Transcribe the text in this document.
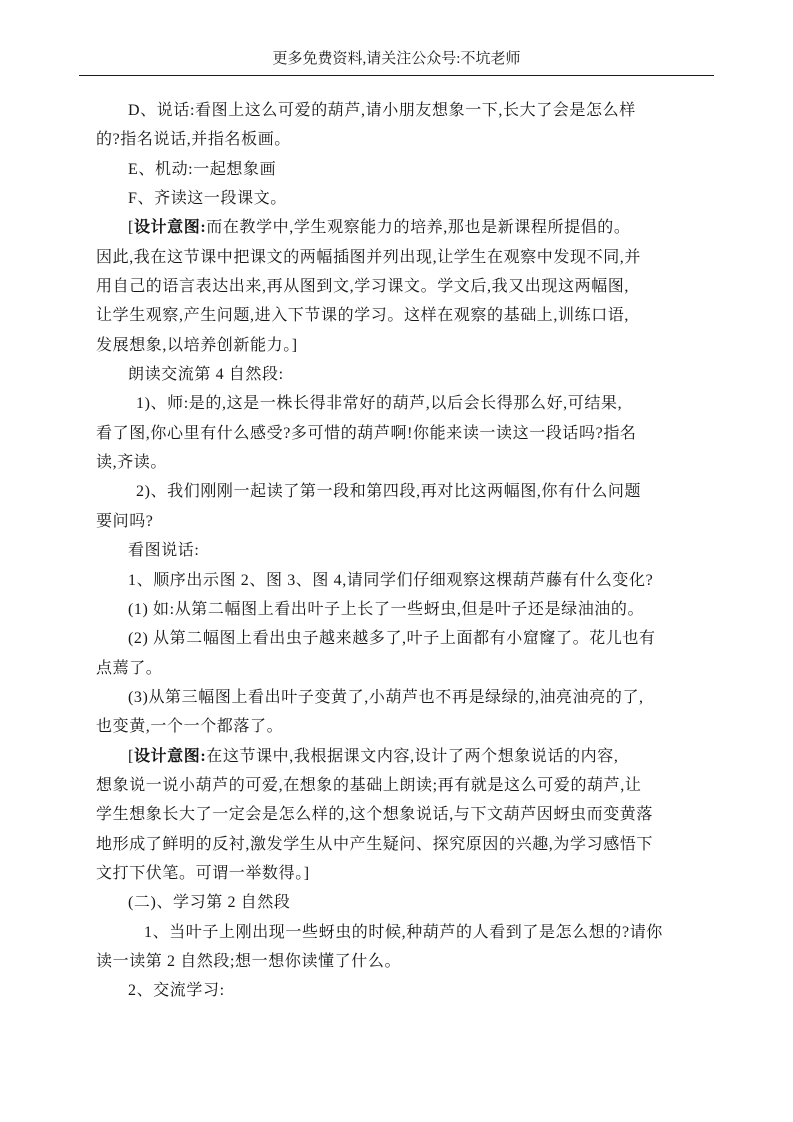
更多免费资料,请关注公众号:不坑老师
D、说话:看图上这么可爱的葫芦,请小朋友想象一下,长大了会是怎么样
的?指名说话,并指名板画。
E、机动:一起想象画
F、齐读这一段课文。
[设计意图:而在教学中,学生观察能力的培养,那也是新课程所提倡的。
因此,我在这节课中把课文的两幅插图并列出现,让学生在观察中发现不同,并
用自己的语言表达出来,再从图到文,学习课文。学文后,我又出现这两幅图,
让学生观察,产生问题,进入下节课的学习。这样在观察的基础上,训练口语,
发展想象,以培养创新能力。]
朗读交流第 4 自然段:
1)、师:是的,这是一株长得非常好的葫芦,以后会长得那么好,可结果,
看了图,你心里有什么感受?多可惜的葫芦啊!你能来读一读这一段话吗?指名
读,齐读。
2)、我们刚刚一起读了第一段和第四段,再对比这两幅图,你有什么问题
要问吗?
看图说话:
1、顺序出示图 2、图 3、图 4,请同学们仔细观察这棵葫芦藤有什么变化?
(1) 如:从第二幅图上看出叶子上长了一些蚜虫,但是叶子还是绿油油的。
(2) 从第二幅图上看出虫子越来越多了,叶子上面都有小窟窿了。花儿也有
点蔫了。
(3)从第三幅图上看出叶子变黄了,小葫芦也不再是绿绿的,油亮油亮的了,
也变黄,一个一个都落了。
[设计意图:在这节课中,我根据课文内容,设计了两个想象说话的内容,
想象说一说小葫芦的可爱,在想象的基础上朗读;再有就是这么可爱的葫芦,让
学生想象长大了一定会是怎么样的,这个想象说话,与下文葫芦因蚜虫而变黄落
地形成了鲜明的反衬,激发学生从中产生疑问、探究原因的兴趣,为学习感悟下
文打下伏笔。可谓一举数得。]
(二)、学习第 2 自然段
1、当叶子上刚出现一些蚜虫的时候,种葫芦的人看到了是怎么想的?请你
读一读第 2 自然段;想一想你读懂了什么。
2、交流学习:
